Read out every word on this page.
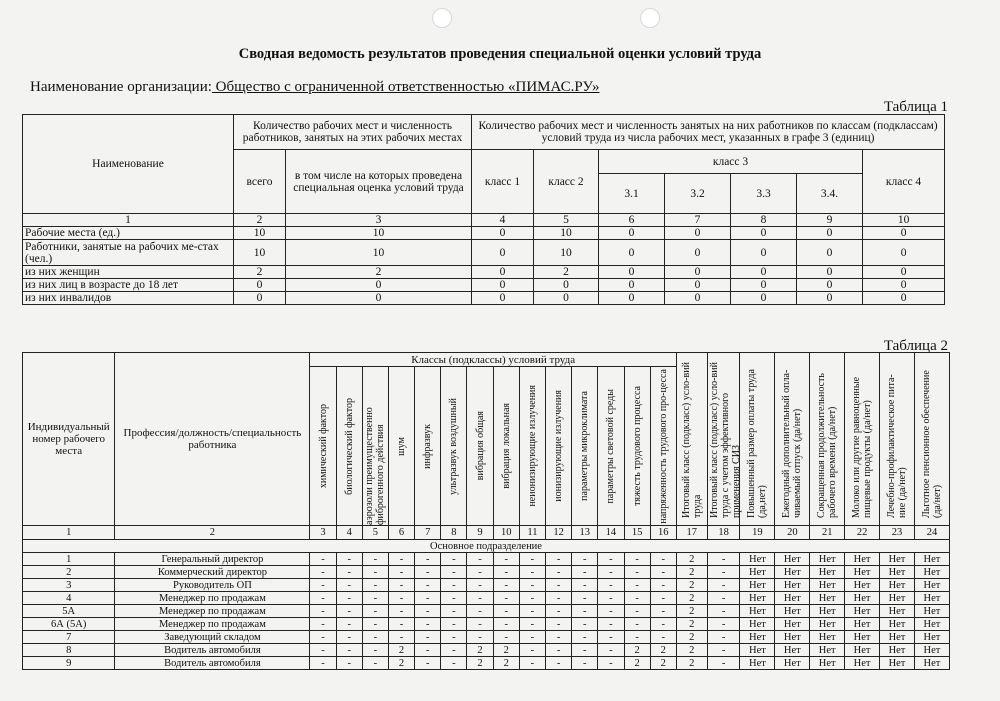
Сводная ведомость результатов проведения специальной оценки условий труда
Наименование организации: Общество с ограниченной ответственностью «ПИМАС.РУ»
Таблица 1
Наименование	Количество рабочих мест и численность работников, занятых на этих рабочих местах		Количество рабочих мест и численность занятых на них работников по классам (подклассам) условий труда из числа рабочих мест, указанных в графе 3 (единиц)						
	всего	в том числе на которых проведена специальная оценка условий труда	класс 1	класс 2	класс 3				класс 4
					3.1	3.2	3.3	3.4.	
1	2	3	4	5	6	7	8	9	10
Рабочие места (ед.)	10	10	0	10	0	0	0	0	0
Работники, занятые на рабочих ме-стах (чел.)	10	10	0	10	0	0	0	0	0
из них женщин	2	2	0	2	0	0	0	0	0
из них лиц в возрасте до 18 лет	0	0	0	0	0	0	0	0	0
из них инвалидов	0	0	0	0	0	0	0	0	0
Таблица 2
Индивидуальный номер рабочего места	Профессия/должность/специальность работника	Классы (подклассы) условий труда														Итоговый класс (подкласс) усло-вий труда	Итоговый класс (подкласс) усло-вий труда с учетом эффективного применения СИЗ	Повышенный размер оплаты труда (да,нет)	Ежегодный дополнительный опла-чиваемый отпуск (да/нет)	Сокращенная продолжительность рабочего времени (да/нет)	Молоко или другие равноценные пищевые продукты (да/нет)	Лечебно-профилактическое пита-ние (да/нет)	Льготное пенсионное обеспечение (да/нет)

		химический фактор	биологический фактор	аэрозоли преимущественно фиброгенного действия	шум	инфразвук	ультразвук воздушный	вибрация общая	вибрация локальная	неионизирующие излучения	ионизирующие излучения	параметры микроклимата	параметры световой среды	тяжесть трудового процесса	напряженность трудового про-цесса								

1	2	3	4	5	6	7	8	9	10	11	12	13	14	15	16	17	18	19	20	21	22	23	24
Основное подразделение																							
1	Генеральный директор	-	-	-	-	-	-	-	-	-	-	-	-	-	-	2	-	Нет	Нет	Нет	Нет	Нет	Нет
2	Коммерческий директор	-	-	-	-	-	-	-	-	-	-	-	-	-	-	2	-	Нет	Нет	Нет	Нет	Нет	Нет
3	Руководитель ОП	-	-	-	-	-	-	-	-	-	-	-	-	-	-	2	-	Нет	Нет	Нет	Нет	Нет	Нет
4	Менеджер по продажам	-	-	-	-	-	-	-	-	-	-	-	-	-	-	2	-	Нет	Нет	Нет	Нет	Нет	Нет
5А	Менеджер по продажам	-	-	-	-	-	-	-	-	-	-	-	-	-	-	2	-	Нет	Нет	Нет	Нет	Нет	Нет
6А (5А)	Менеджер по продажам	-	-	-	-	-	-	-	-	-	-	-	-	-	-	2	-	Нет	Нет	Нет	Нет	Нет	Нет
7	Заведующий складом	-	-	-	-	-	-	-	-	-	-	-	-	-	-	2	-	Нет	Нет	Нет	Нет	Нет	Нет
8	Водитель автомобиля	-	-	-	2	-	-	2	2	-	-	-	-	2	2	2	-	Нет	Нет	Нет	Нет	Нет	Нет
9	Водитель автомобиля	-	-	-	2	-	-	2	2	-	-	-	-	2	2	2	-	Нет	Нет	Нет	Нет	Нет	Нет
